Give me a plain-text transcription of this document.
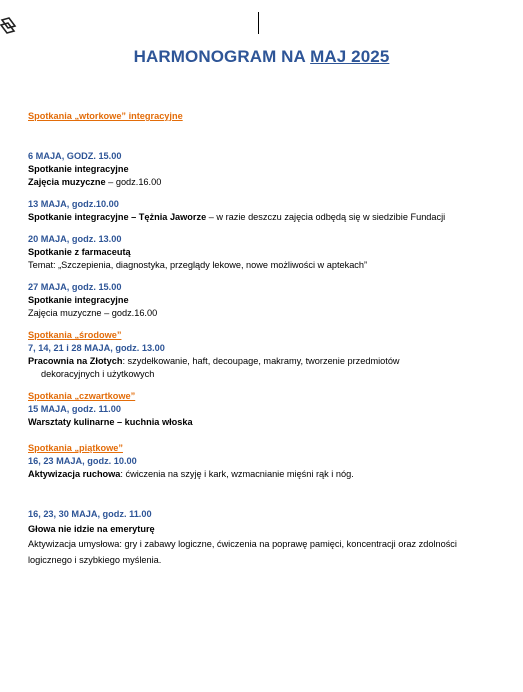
HARMONOGRAM NA MAJ 2025
Spotkania „wtorkowe” integracyjne
6 MAJA, GODZ. 15.00
Spotkanie integracyjne
Zajęcia muzyczne – godz.16.00
13 MAJA, godz.10.00
Spotkanie integracyjne – Tężnia Jaworze – w razie deszczu zajęcia odbędą się w siedzibie Fundacji
20 MAJA, godz. 13.00
Spotkanie z farmaceutą
Temat: „Szczepienia, diagnostyka, przeglądy lekowe, nowe możliwości w aptekach”
27 MAJA, godz. 15.00
Spotkanie integracyjne
Zajęcia muzyczne – godz.16.00
Spotkania „środowe”
7, 14, 21 i 28 MAJA, godz. 13.00
Pracownia na Złotych: szydełkowanie, haft, decoupage, makramy, tworzenie przedmiotów
dekoracyjnych i użytkowych
Spotkania „czwartkowe”
15 MAJA, godz. 11.00
Warsztaty kulinarne – kuchnia włoska
Spotkania „piątkowe”
16, 23 MAJA, godz. 10.00
Aktywizacja ruchowa: ćwiczenia na szyję i kark, wzmacnianie mięśni rąk i nóg.
16, 23, 30 MAJA, godz. 11.00
Głowa nie idzie na emeryturę
Aktywizacja umysłowa: gry i zabawy logiczne, ćwiczenia na poprawę pamięci, koncentracji oraz zdolności
logicznego i szybkiego myślenia.
